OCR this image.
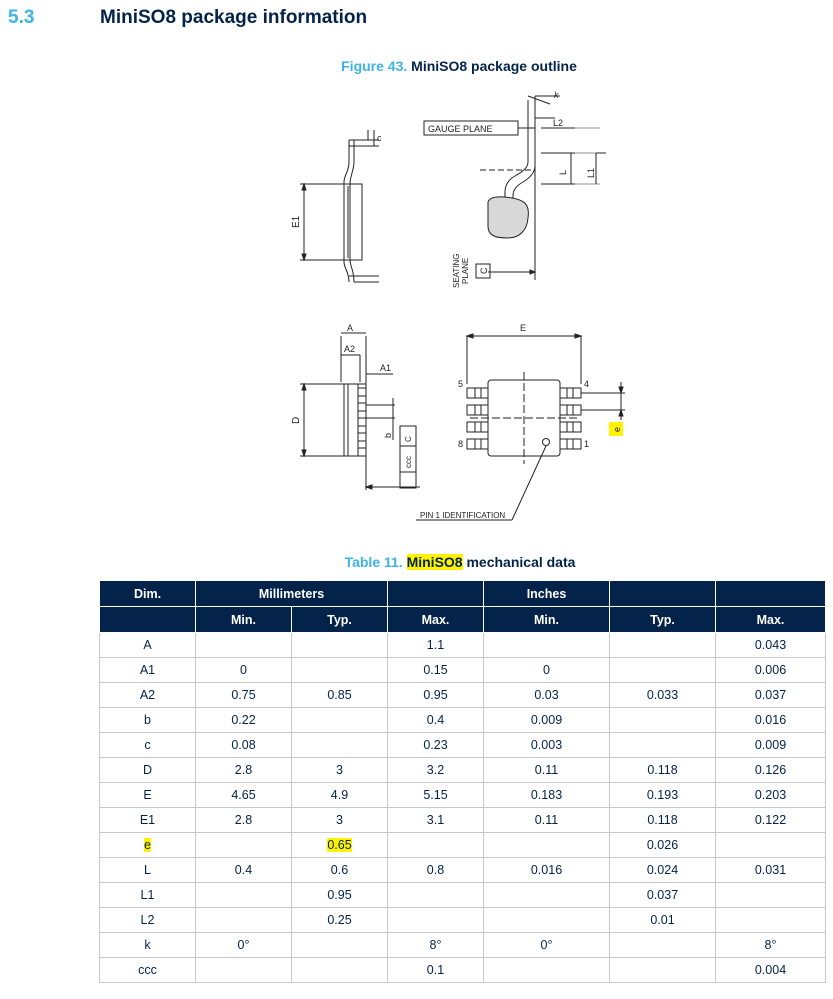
5.3	MiniSO8 package information
Figure 43. MiniSO8 package outline
E1
c
GAUGE PLANE
SEATING PLANE C
k
L2
L L1
A
A2
A1
D
b
ccc
C
E
5	4
8	1
e
PIN 1 IDENTIFICATION
Table 11. MiniSO8 mechanical data
Dim.	Millimeters			Inches		
	Min.	Typ.	Max.	Min.	Typ.	Max.
A			1.1			0.043
A1	0		0.15	0		0.006
A2	0.75	0.85	0.95	0.03	0.033	0.037
b	0.22		0.4	0.009		0.016
c	0.08		0.23	0.003		0.009
D	2.8	3	3.2	0.11	0.118	0.126
E	4.65	4.9	5.15	0.183	0.193	0.203
E1	2.8	3	3.1	0.11	0.118	0.122
e		0.65			0.026	
L	0.4	0.6	0.8	0.016	0.024	0.031
L1		0.95			0.037	
L2		0.25			0.01	
k	0°		8°	0°		8°
ccc			0.1			0.004
